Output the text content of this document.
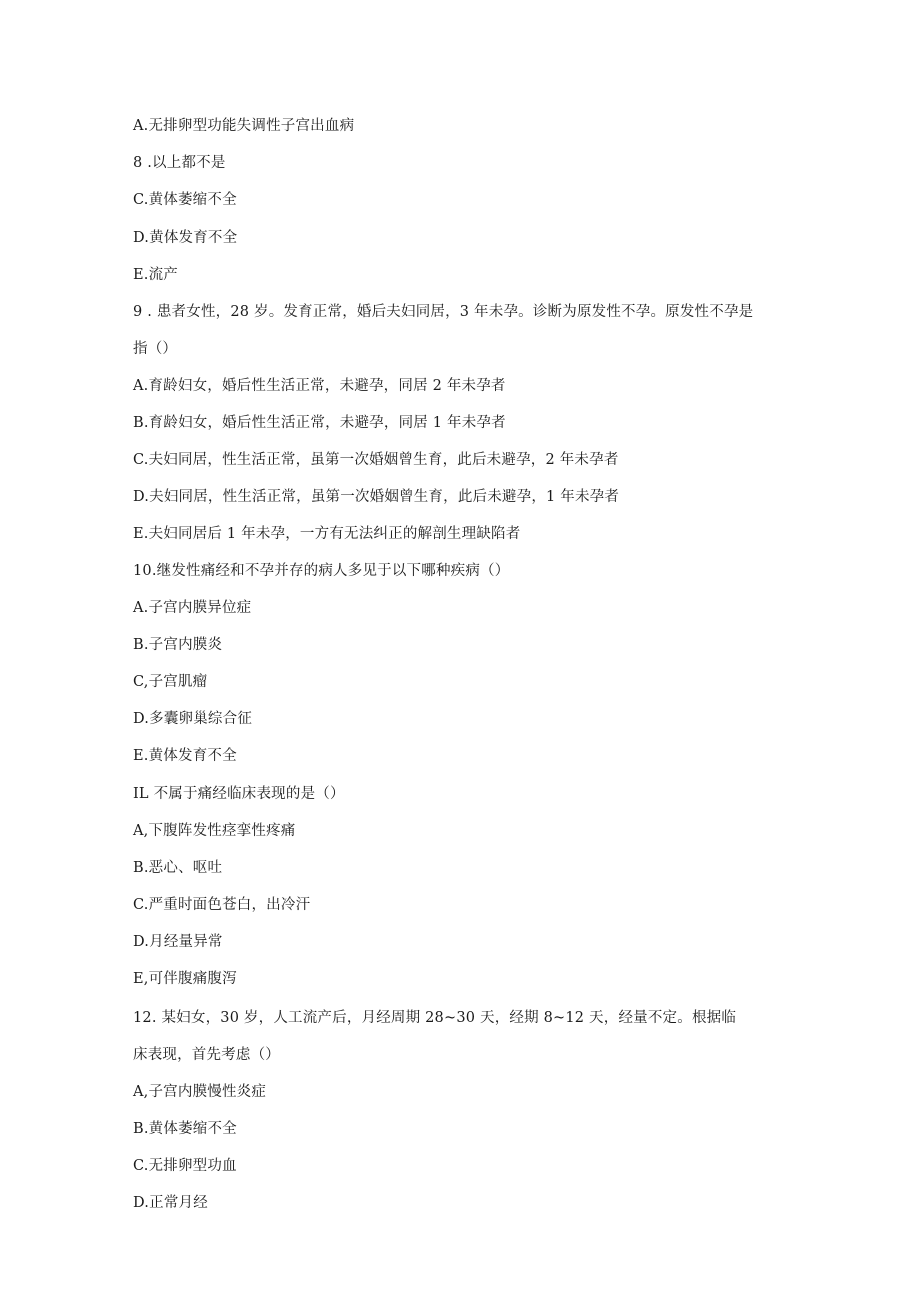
A.无排卵型功能失调性子宫出血病
8 .以上都不是
C.黄体萎缩不全
D.黄体发育不全
E.流产
9 . 患者女性，28 岁。发育正常，婚后夫妇同居，3 年未孕。诊断为原发性不孕。原发性不孕是
指（）
A.育龄妇女，婚后性生活正常，未避孕，同居 2 年未孕者
B.育龄妇女，婚后性生活正常，未避孕，同居 1 年未孕者
C.夫妇同居，性生活正常，虽第一次婚姻曾生育，此后未避孕，2 年未孕者
D.夫妇同居，性生活正常，虽第一次婚姻曾生育，此后未避孕，1 年未孕者
E.夫妇同居后 1 年未孕，一方有无法纠正的解剖生理缺陷者
10.继发性痛经和不孕并存的病人多见于以下哪种疾病（）
A.子宫内膜异位症
B.子宫内膜炎
C,子宫肌瘤
D.多囊卵巢综合征
E.黄体发育不全
IL 不属于痛经临床表现的是（）
A,下腹阵发性痉挛性疼痛
B.恶心、呕吐
C.严重时面色苍白，出冷汗
D.月经量异常
E,可伴腹痛腹泻
12. 某妇女，30 岁，人工流产后，月经周期 28~30 天，经期 8~12 天，经量不定。根据临
床表现，首先考虑（）
A,子宫内膜慢性炎症
B.黄体萎缩不全
C.无排卵型功血
D.正常月经
